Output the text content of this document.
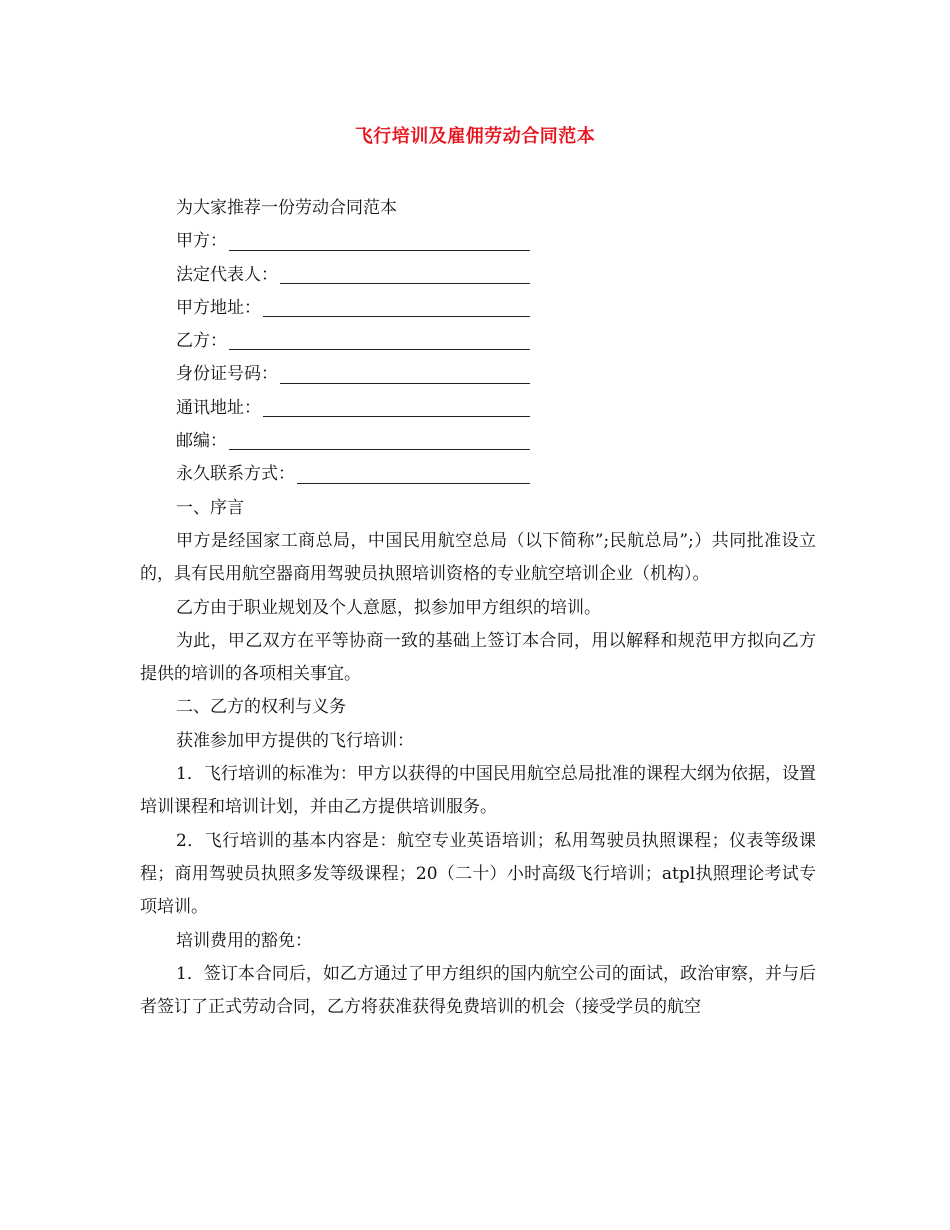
飞行培训及雇佣劳动合同范本

为大家推荐一份劳动合同范本

甲方：
法定代表人：
甲方地址：
乙方：
身份证号码：
通讯地址：
邮编：
永久联系方式：

一、序言

甲方是经国家工商总局，中国民用航空总局（以下简称”;民航总局”;）共同批准设立的，具有民用航空器商用驾驶员执照培训资格的专业航空培训企业（机构）。

乙方由于职业规划及个人意愿，拟参加甲方组织的培训。

为此，甲乙双方在平等协商一致的基础上签订本合同，用以解释和规范甲方拟向乙方提供的培训的各项相关事宜。

二、乙方的权利与义务

获准参加甲方提供的飞行培训：

1．飞行培训的标准为：甲方以获得的中国民用航空总局批准的课程大纲为依据，设置培训课程和培训计划，并由乙方提供培训服务。

2．飞行培训的基本内容是：航空专业英语培训；私用驾驶员执照课程；仪表等级课程；商用驾驶员执照多发等级课程；20（二十）小时高级飞行培训；atpl执照理论考试专项培训。

培训费用的豁免：

1．签订本合同后，如乙方通过了甲方组织的国内航空公司的面试，政治审察，并与后者签订了正式劳动合同，乙方将获准获得免费培训的机会（接受学员的航空
